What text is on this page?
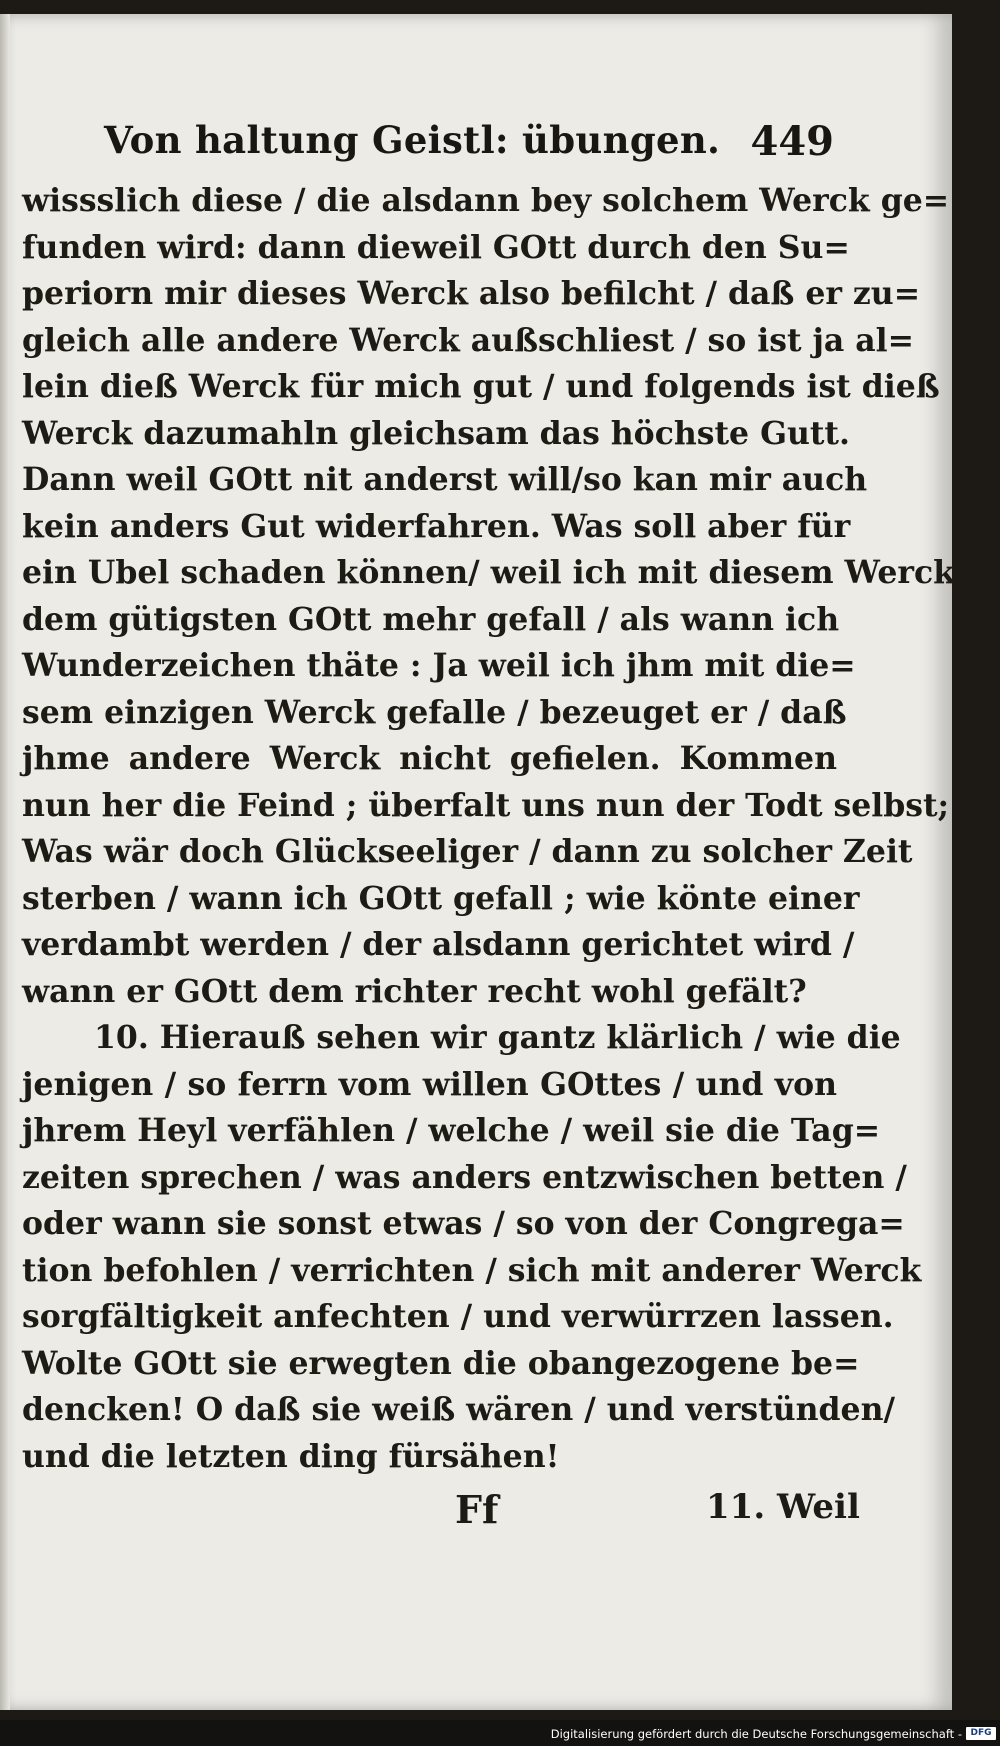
Von haltung Geistl: übungen. 449

wissslich diese / die alsdann bey solchem Werck ge=

funden wird: dann dieweil GOtt durch den Su=

periorn mir dieses Werck also befilcht / daß er zu=

gleich alle andere Werck außschliest / so ist ja al=

lein dieß Werck für mich gut / und folgends ist dieß

Werck dazumahln gleichsam das höchste Gutt.

Dann weil GOtt nit anderst will/so kan mir auch

kein anders Gut widerfahren. Was soll aber für

ein Ubel schaden können/ weil ich mit diesem Werck

dem gütigsten GOtt mehr gefall / als wann ich

Wunderzeichen thäte : Ja weil ich jhm mit die=

sem einzigen Werck gefalle / bezeuget er / daß

jhme andere Werck nicht gefielen. Kommen

nun her die Feind ; überfalt uns nun der Todt selbst;

Was wär doch Glückseeliger / dann zu solcher Zeit

sterben / wann ich GOtt gefall ; wie könte einer

verdambt werden / der alsdann gerichtet wird /

wann er GOtt dem richter recht wohl gefält?

10. Hierauß sehen wir gantz klärlich / wie die

jenigen / so ferrn vom willen GOttes / und von

jhrem Heyl verfählen / welche / weil sie die Tag=

zeiten sprechen / was anders entzwischen betten /

oder wann sie sonst etwas / so von der Congrega=

tion befohlen / verrichten / sich mit anderer Werck

sorgfältigkeit anfechten / und verwürrzen lassen.

Wolte GOtt sie erwegten die obangezogene be=

dencken! O daß sie weiß wären / und verstünden/

und die letzten ding fürsähen!

Ff	11. Weil
Digitalisierung gefördert durch die Deutsche Forschungsgemeinschaft - DFG
